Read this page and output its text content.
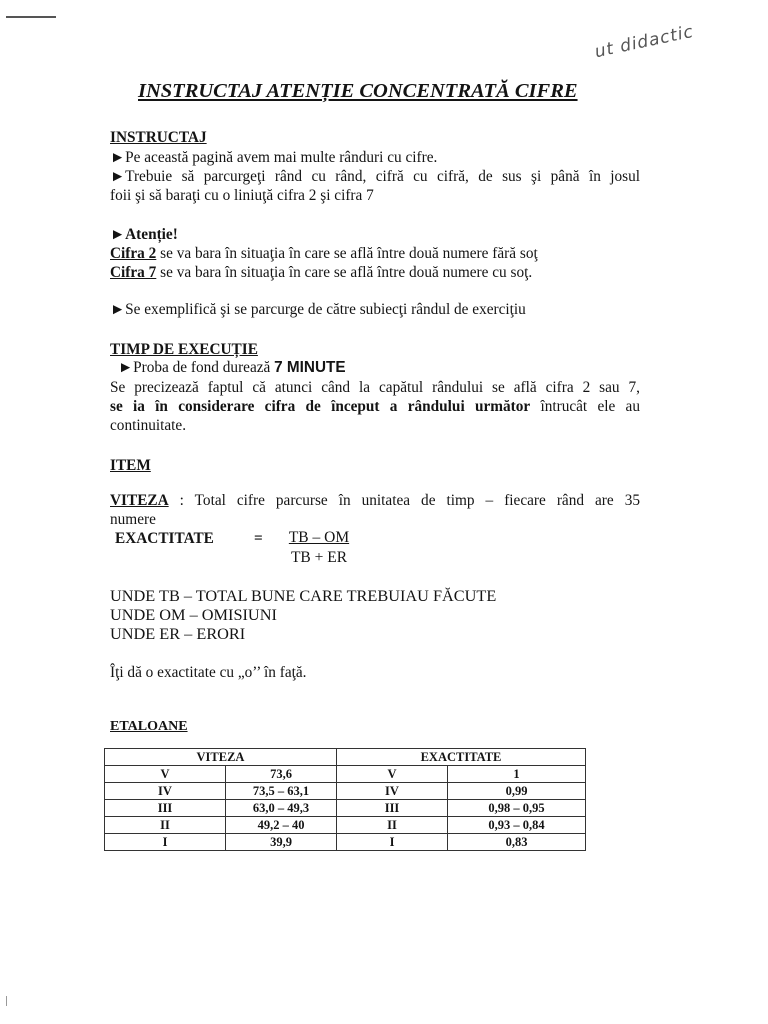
ut didactic
INSTRUCTAJ ATENȚIE CONCENTRATĂ CIFRE
INSTRUCTAJ
►Pe această pagină avem mai multe rânduri cu cifre.
►Trebuie să parcurgeţi rând cu rând, cifră cu cifră, de sus şi până în josul
foii şi să baraţi cu o liniuţă cifra 2 şi cifra 7
►Atenție!
Cifra 2 se va bara în situaţia în care se află între două numere fără soţ
Cifra 7 se va bara în situaţia în care se află între două numere cu soţ.
►Se exemplifică şi se parcurge de către subiecţi rândul de exerciţiu
TIMP DE EXECUȚIE
►Proba de fond durează 7 MINUTE
Se precizează faptul că atunci când la capătul rândului se află cifra 2 sau 7,
se ia în considerare cifra de început a rândului următor întrucât ele au
continuitate.
ITEM
VITEZA : Total cifre parcurse în unitatea de timp – fiecare rând are 35
numere
EXACTITATE	=	TB – OM
TB + ER
UNDE TB – TOTAL BUNE CARE TREBUIAU FĂCUTE
UNDE OM – OMISIUNI
UNDE ER – ERORI
Îţi dă o exactitate cu „o’’ în faţă.
ETALOANE
VITEZA		EXACTITATE	
V	73,6	V	1
IV	73,5 – 63,1	IV	0,99
III	63,0 – 49,3	III	0,98 – 0,95
II	49,2 – 40	II	0,93 – 0,84
I	39,9	I	0,83
